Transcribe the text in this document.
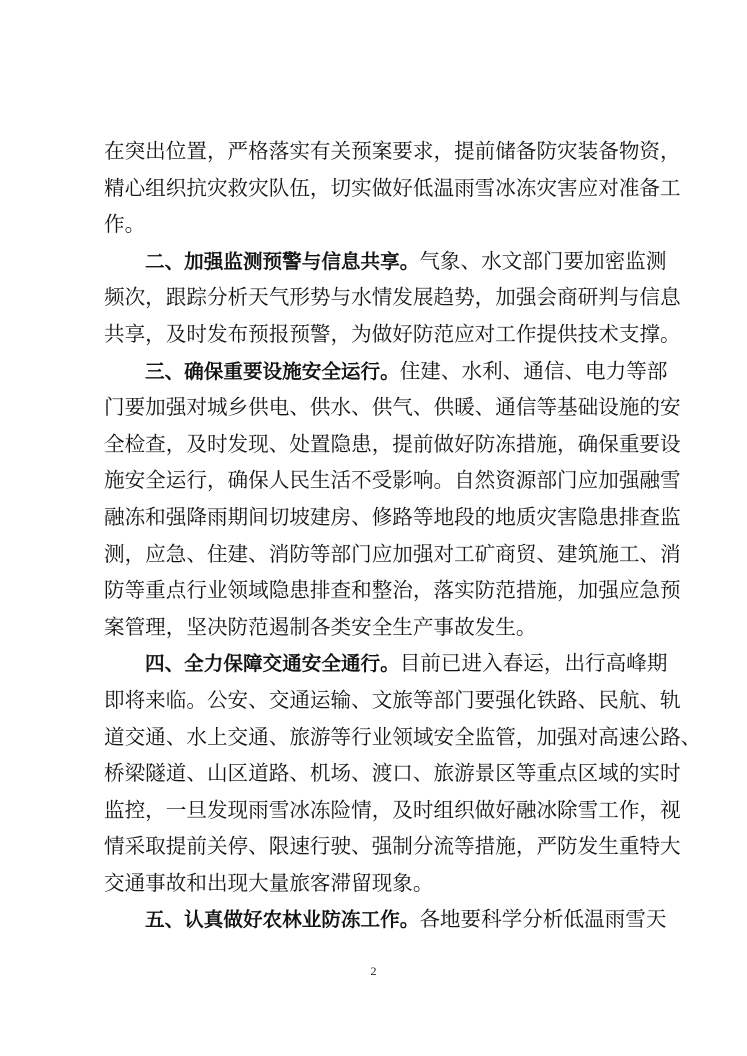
在突出位置，严格落实有关预案要求，提前储备防灾装备物资，
精心组织抗灾救灾队伍，切实做好低温雨雪冰冻灾害应对准备工
作。
二、加强监测预警与信息共享。气象、水文部门要加密监测
频次，跟踪分析天气形势与水情发展趋势，加强会商研判与信息
共享，及时发布预报预警，为做好防范应对工作提供技术支撑。
三、确保重要设施安全运行。住建、水利、通信、电力等部
门要加强对城乡供电、供水、供气、供暖、通信等基础设施的安
全检查，及时发现、处置隐患，提前做好防冻措施，确保重要设
施安全运行，确保人民生活不受影响。自然资源部门应加强融雪
融冻和强降雨期间切坡建房、修路等地段的地质灾害隐患排查监
测，应急、住建、消防等部门应加强对工矿商贸、建筑施工、消
防等重点行业领域隐患排查和整治，落实防范措施，加强应急预
案管理，坚决防范遏制各类安全生产事故发生。
四、全力保障交通安全通行。目前已进入春运，出行高峰期
即将来临。公安、交通运输、文旅等部门要强化铁路、民航、轨
道交通、水上交通、旅游等行业领域安全监管，加强对高速公路、
桥梁隧道、山区道路、机场、渡口、旅游景区等重点区域的实时
监控，一旦发现雨雪冰冻险情，及时组织做好融冰除雪工作，视
情采取提前关停、限速行驶、强制分流等措施，严防发生重特大
交通事故和出现大量旅客滞留现象。
五、认真做好农林业防冻工作。各地要科学分析低温雨雪天
2
